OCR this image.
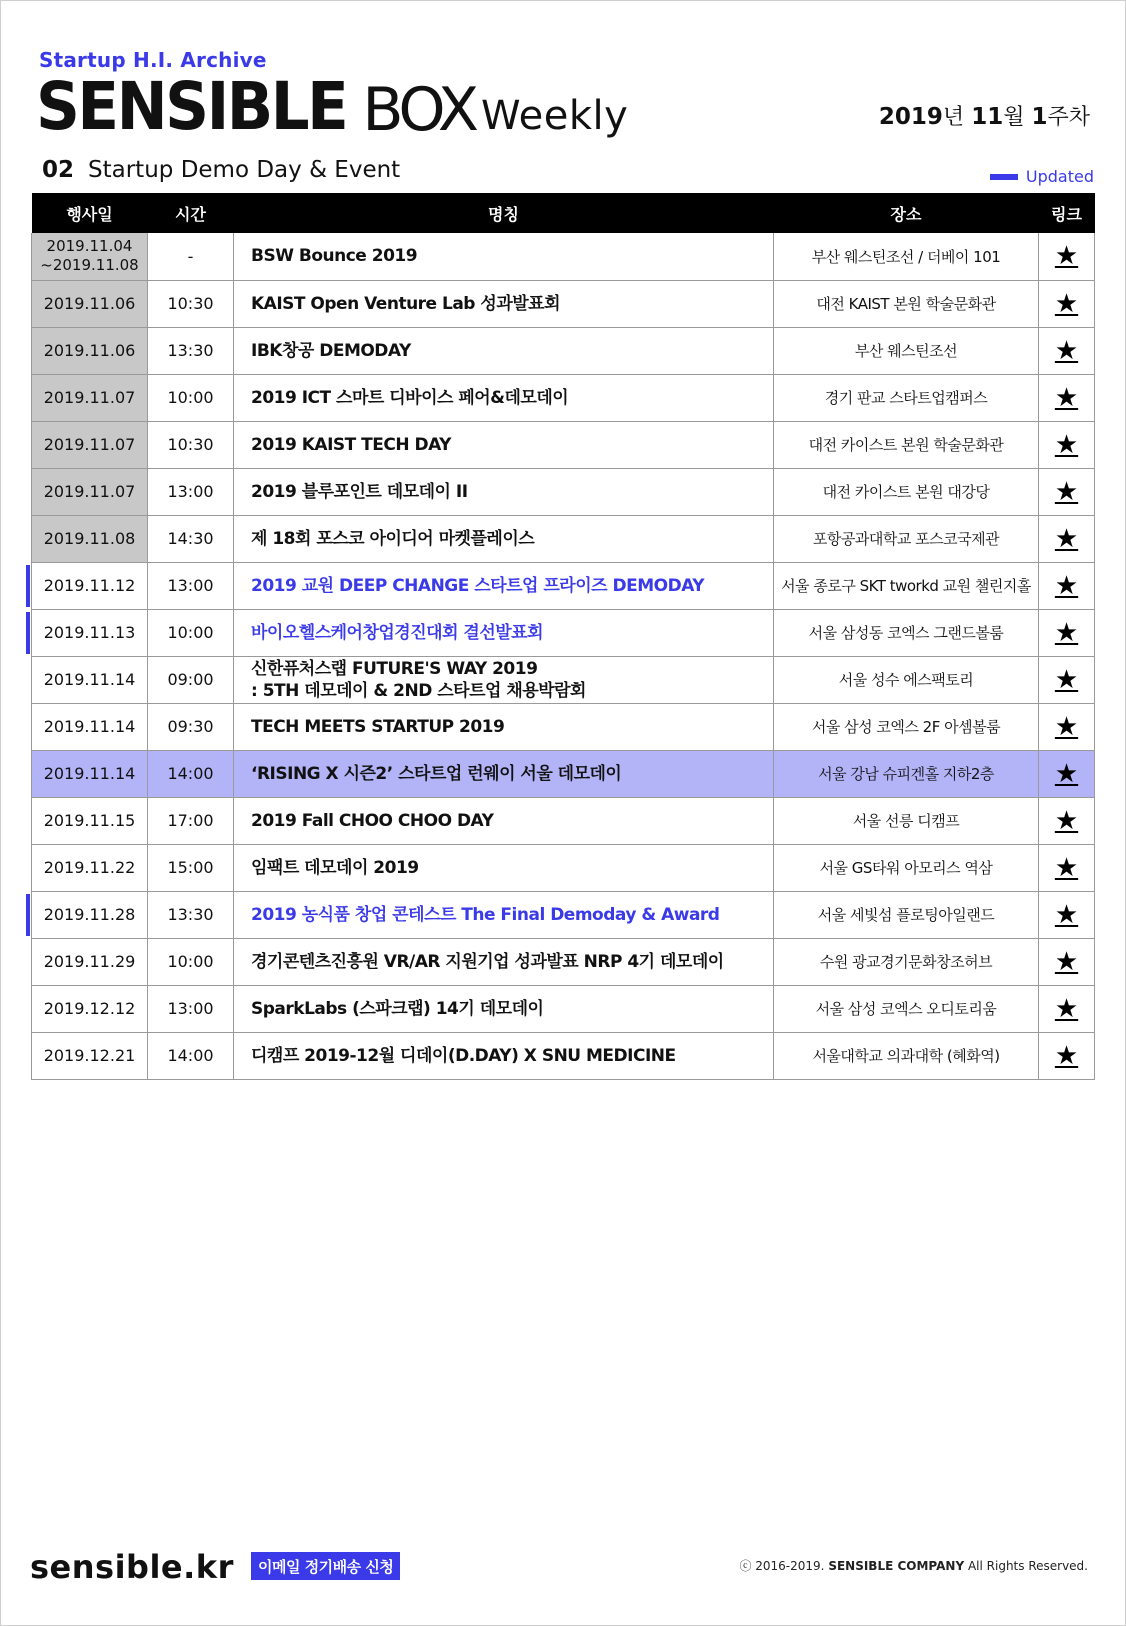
Startup H.I. Archive
SENSIBLE BOX Weekly	2019년 11월 1주차
02 Startup Demo Day & Event	Updated
행사일	시간	명칭	장소	링크

2019.11.04
~2019.11.08	-	BSW Bounce 2019	부산 웨스틴조선 / 더베이 101	★

2019.11.06	10:30	KAIST Open Venture Lab 성과발표회	대전 KAIST 본원 학술문화관	★

2019.11.06	13:30	IBK창공 DEMODAY	부산 웨스틴조선	★

2019.11.07	10:00	2019 ICT 스마트 디바이스 페어&데모데이	경기 판교 스타트업캠퍼스	★

2019.11.07	10:30	2019 KAIST TECH DAY	대전 카이스트 본원 학술문화관	★

2019.11.07	13:00	2019 블루포인트 데모데이 II	대전 카이스트 본원 대강당	★

2019.11.08	14:30	제 18회 포스코 아이디어 마켓플레이스	포항공과대학교 포스코국제관	★

2019.11.12	13:00	2019 교원 DEEP CHANGE 스타트업 프라이즈 DEMODAY	서울 종로구 SKT tworkd 교원 챌린지홀	★

2019.11.13	10:00	바이오헬스케어창업경진대회 결선발표회	서울 삼성동 코엑스 그랜드볼룸	★

2019.11.14	09:00	신한퓨처스랩 FUTURE'S WAY 2019
: 5TH 데모데이 & 2ND 스타트업 채용박람회	서울 성수 에스팩토리	★

2019.11.14	09:30	TECH MEETS STARTUP 2019	서울 삼성 코엑스 2F 아셈볼룸	★

2019.11.14	14:00	‘RISING X 시즌2’ 스타트업 런웨이 서울 데모데이	서울 강남 슈피겐홀 지하2층	★

2019.11.15	17:00	2019 Fall CHOO CHOO DAY	서울 선릉 디캠프	★

2019.11.22	15:00	임팩트 데모데이 2019	서울 GS타워 아모리스 역삼	★

2019.11.28	13:30	2019 농식품 창업 콘테스트 The Final Demoday & Award	서울 세빛섬 플로팅아일랜드	★

2019.11.29	10:00	경기콘텐츠진흥원 VR/AR 지원기업 성과발표 NRP 4기 데모데이	수원 광교경기문화창조허브	★

2019.12.12	13:00	SparkLabs (스파크랩) 14기 데모데이	서울 삼성 코엑스 오디토리움	★

2019.12.21	14:00	디캠프 2019-12월 디데이(D.DAY) X SNU MEDICINE	서울대학교 의과대학 (혜화역)	★
sensible.kr	이메일 정기배송 신청	ⓒ 2016-2019. SENSIBLE COMPANY All Rights Reserved.
